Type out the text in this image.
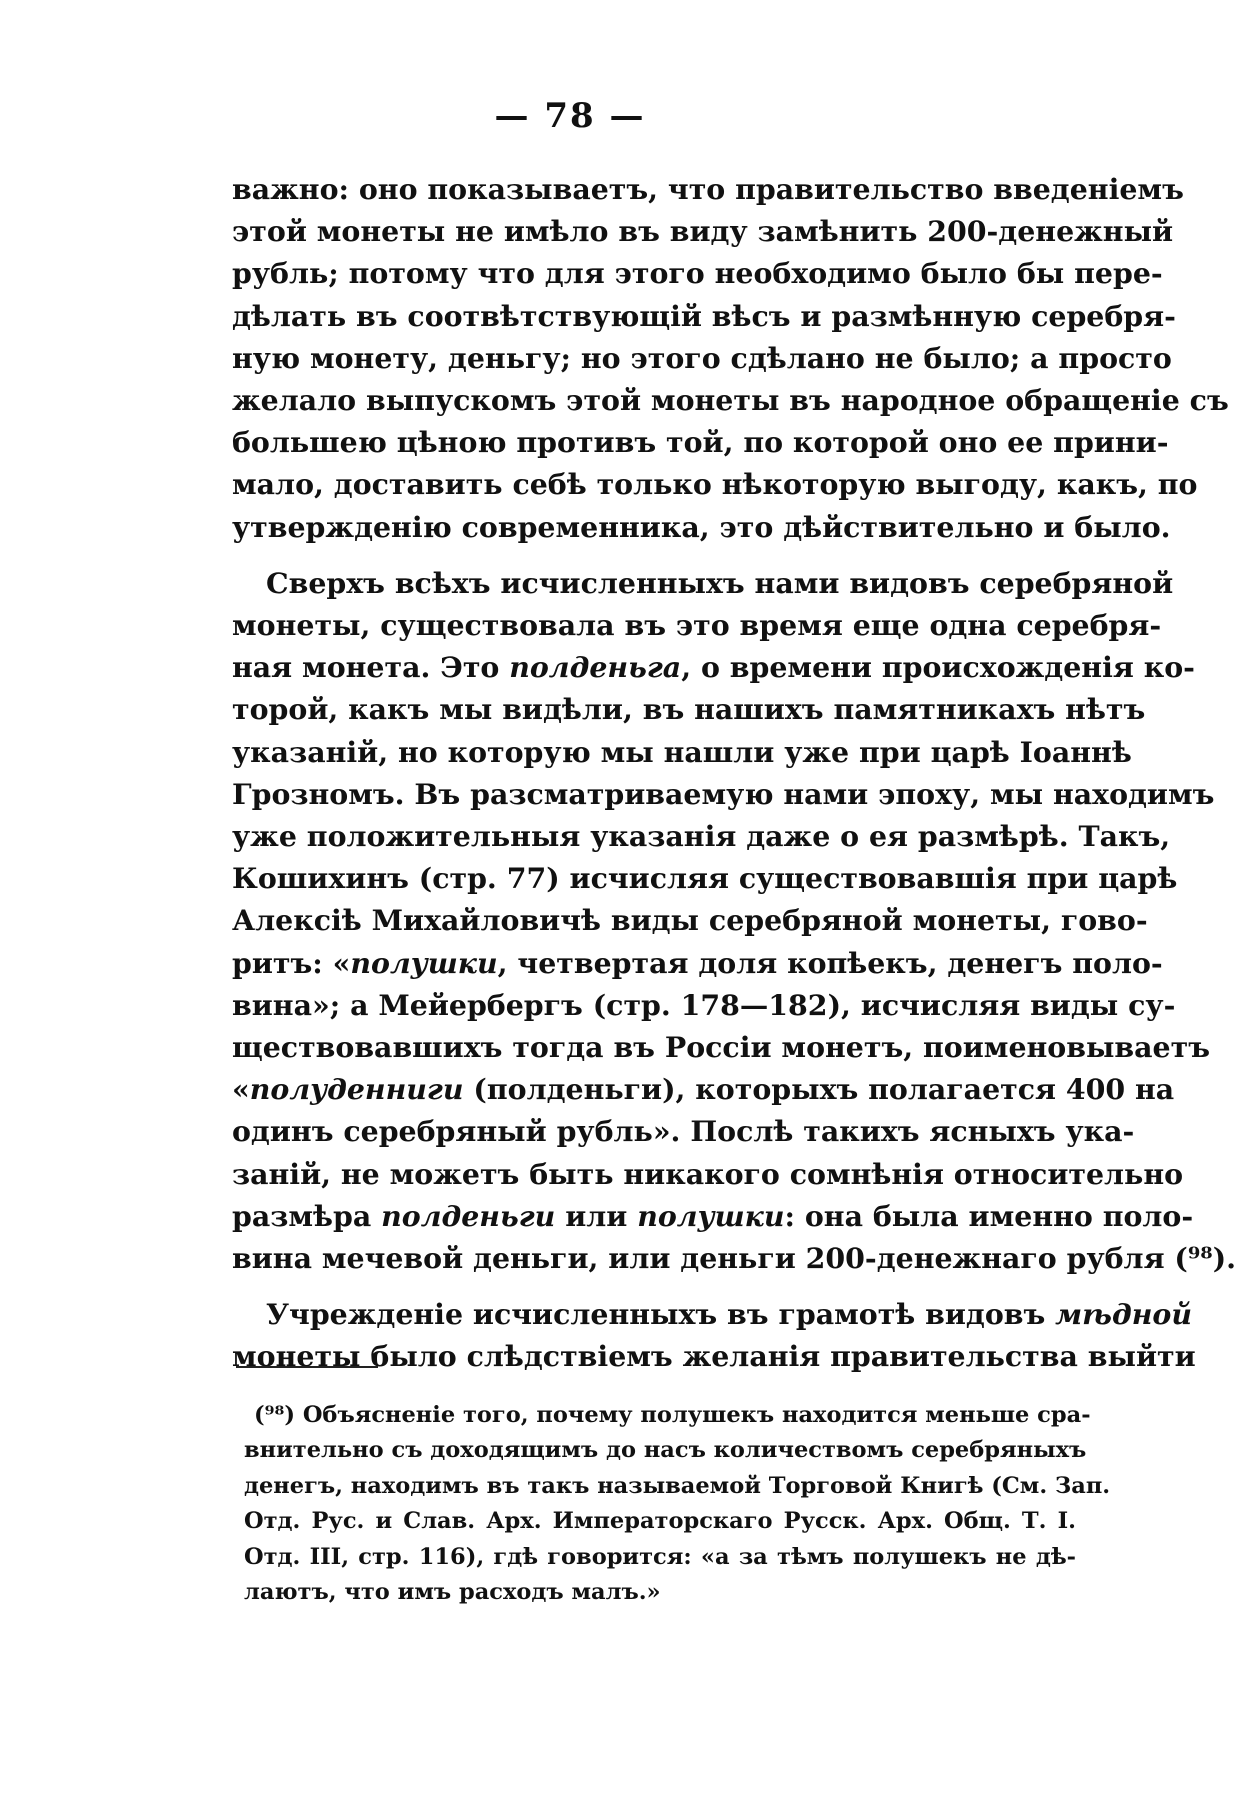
— 78 —
важно: оно показываетъ, что правительство введеніемъ
этой монеты не имѣло въ виду замѣнить 200-денежный
рубль; потому что для этого необходимо было бы пере-
дѣлать въ соотвѣтствующій вѣсъ и размѣнную серебря-
ную монету, деньгу; но этого сдѣлано не было; а просто
желало выпускомъ этой монеты въ народное обращеніе съ
большею цѣною противъ той, по которой оно ее прини-
мало, доставить себѣ только нѣкоторую выгоду, какъ, по
утвержденію современника, это дѣйствительно и было.
Сверхъ всѣхъ исчисленныхъ нами видовъ серебряной
монеты, существовала въ это время еще одна серебря-
ная монета. Это полденьга, о времени происхожденія ко-
торой, какъ мы видѣли, въ нашихъ памятникахъ нѣтъ
указаній, но которую мы нашли уже при царѣ Іоаннѣ
Грозномъ. Въ разсматриваемую нами эпоху, мы находимъ
уже положительныя указанія даже о ея размѣрѣ. Такъ,
Кошихинъ (стр. 77) исчисляя существовавшія при царѣ
Алексіѣ Михайловичѣ виды серебряной монеты, гово-
ритъ: «полушки, четвертая доля копѣекъ, денегъ поло-
вина»; а Мейербергъ (стр. 178—182), исчисляя виды су-
ществовавшихъ тогда въ Россіи монетъ, поименовываетъ
«полуденниги (полденьги), которыхъ полагается 400 на
одинъ серебряный рубль». Послѣ такихъ ясныхъ ука-
заній, не можетъ быть никакого сомнѣнія относительно
размѣра полденьги или полушки: она была именно поло-
вина мечевой деньги, или деньги 200-денежнаго рубля (⁹⁸).
Учрежденіе исчисленныхъ въ грамотѣ видовъ мѣдной
монеты было слѣдствіемъ желанія правительства выйти
(⁹⁸) Объясненіе того, почему полушекъ находится меньше сра-
внительно съ доходящимъ до насъ количествомъ серебряныхъ
денегъ, находимъ въ такъ называемой Торговой Книгѣ (См. Зап.
Отд. Рус. и Слав. Арх. Императорскаго Русск. Арх. Общ. Т. I.
Отд. III, стр. 116), гдѣ говорится: «а за тѣмъ полушекъ не дѣ-
лаютъ, что имъ расходъ малъ.»
